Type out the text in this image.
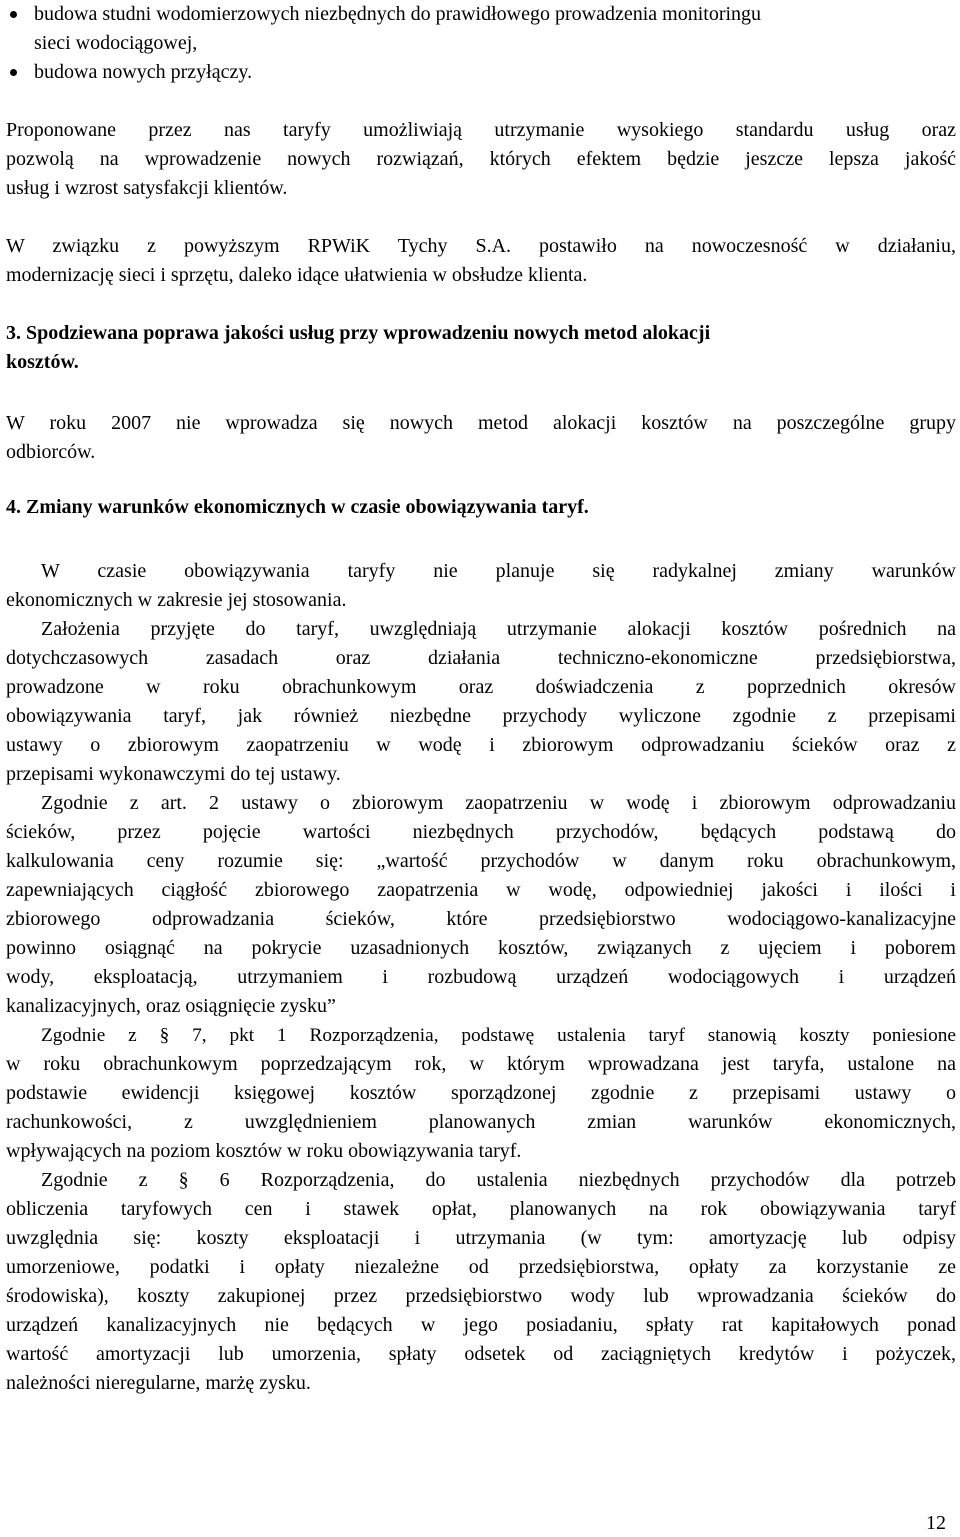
budowa studni wodomierzowych niezbędnych do prawidłowego prowadzenia monitoringu
sieci wodociągowej,
budowa nowych przyłączy.
Proponowane przez nas taryfy umożliwiają utrzymanie wysokiego standardu usług oraz
pozwolą na wprowadzenie nowych rozwiązań, których efektem będzie jeszcze lepsza jakość
usług i wzrost satysfakcji klientów.
W związku z powyższym RPWiK Tychy S.A. postawiło na nowoczesność w działaniu,
modernizację sieci i sprzętu, daleko idące ułatwienia w obsłudze klienta.
3. Spodziewana poprawa jakości usług przy wprowadzeniu nowych metod alokacji
kosztów.
W roku 2007 nie wprowadza się nowych metod alokacji kosztów na poszczególne grupy
odbiorców.
4. Zmiany warunków ekonomicznych w czasie obowiązywania taryf.
W czasie obowiązywania taryfy nie planuje się radykalnej zmiany warunków
ekonomicznych w zakresie jej stosowania.
Założenia przyjęte do taryf, uwzględniają utrzymanie alokacji kosztów pośrednich na
dotychczasowych zasadach oraz działania techniczno-ekonomiczne przedsiębiorstwa,
prowadzone w roku obrachunkowym oraz doświadczenia z poprzednich okresów
obowiązywania taryf, jak również niezbędne przychody wyliczone zgodnie z przepisami
ustawy o zbiorowym zaopatrzeniu w wodę i zbiorowym odprowadzaniu ścieków oraz z
przepisami wykonawczymi do tej ustawy.
Zgodnie z art. 2 ustawy o zbiorowym zaopatrzeniu w wodę i zbiorowym odprowadzaniu
ścieków, przez pojęcie wartości niezbędnych przychodów, będących podstawą do
kalkulowania ceny rozumie się: „wartość przychodów w danym roku obrachunkowym,
zapewniających ciągłość zbiorowego zaopatrzenia w wodę, odpowiedniej jakości i ilości i
zbiorowego odprowadzania ścieków, które przedsiębiorstwo wodociągowo-kanalizacyjne
powinno osiągnąć na pokrycie uzasadnionych kosztów, związanych z ujęciem i poborem
wody, eksploatacją, utrzymaniem i rozbudową urządzeń wodociągowych i urządzeń
kanalizacyjnych, oraz osiągnięcie zysku”
Zgodnie z § 7, pkt 1 Rozporządzenia, podstawę ustalenia taryf stanowią koszty poniesione
w roku obrachunkowym poprzedzającym rok, w którym wprowadzana jest taryfa, ustalone na
podstawie ewidencji księgowej kosztów sporządzonej zgodnie z przepisami ustawy o
rachunkowości, z uwzględnieniem planowanych zmian warunków ekonomicznych,
wpływających na poziom kosztów w roku obowiązywania taryf.
Zgodnie z § 6 Rozporządzenia, do ustalenia niezbędnych przychodów dla potrzeb
obliczenia taryfowych cen i stawek opłat, planowanych na rok obowiązywania taryf
uwzględnia się: koszty eksploatacji i utrzymania (w tym: amortyzację lub odpisy
umorzeniowe, podatki i opłaty niezależne od przedsiębiorstwa, opłaty za korzystanie ze
środowiska), koszty zakupionej przez przedsiębiorstwo wody lub wprowadzania ścieków do
urządzeń kanalizacyjnych nie będących w jego posiadaniu, spłaty rat kapitałowych ponad
wartość amortyzacji lub umorzenia, spłaty odsetek od zaciągniętych kredytów i pożyczek,
należności nieregularne, marżę zysku.
12
